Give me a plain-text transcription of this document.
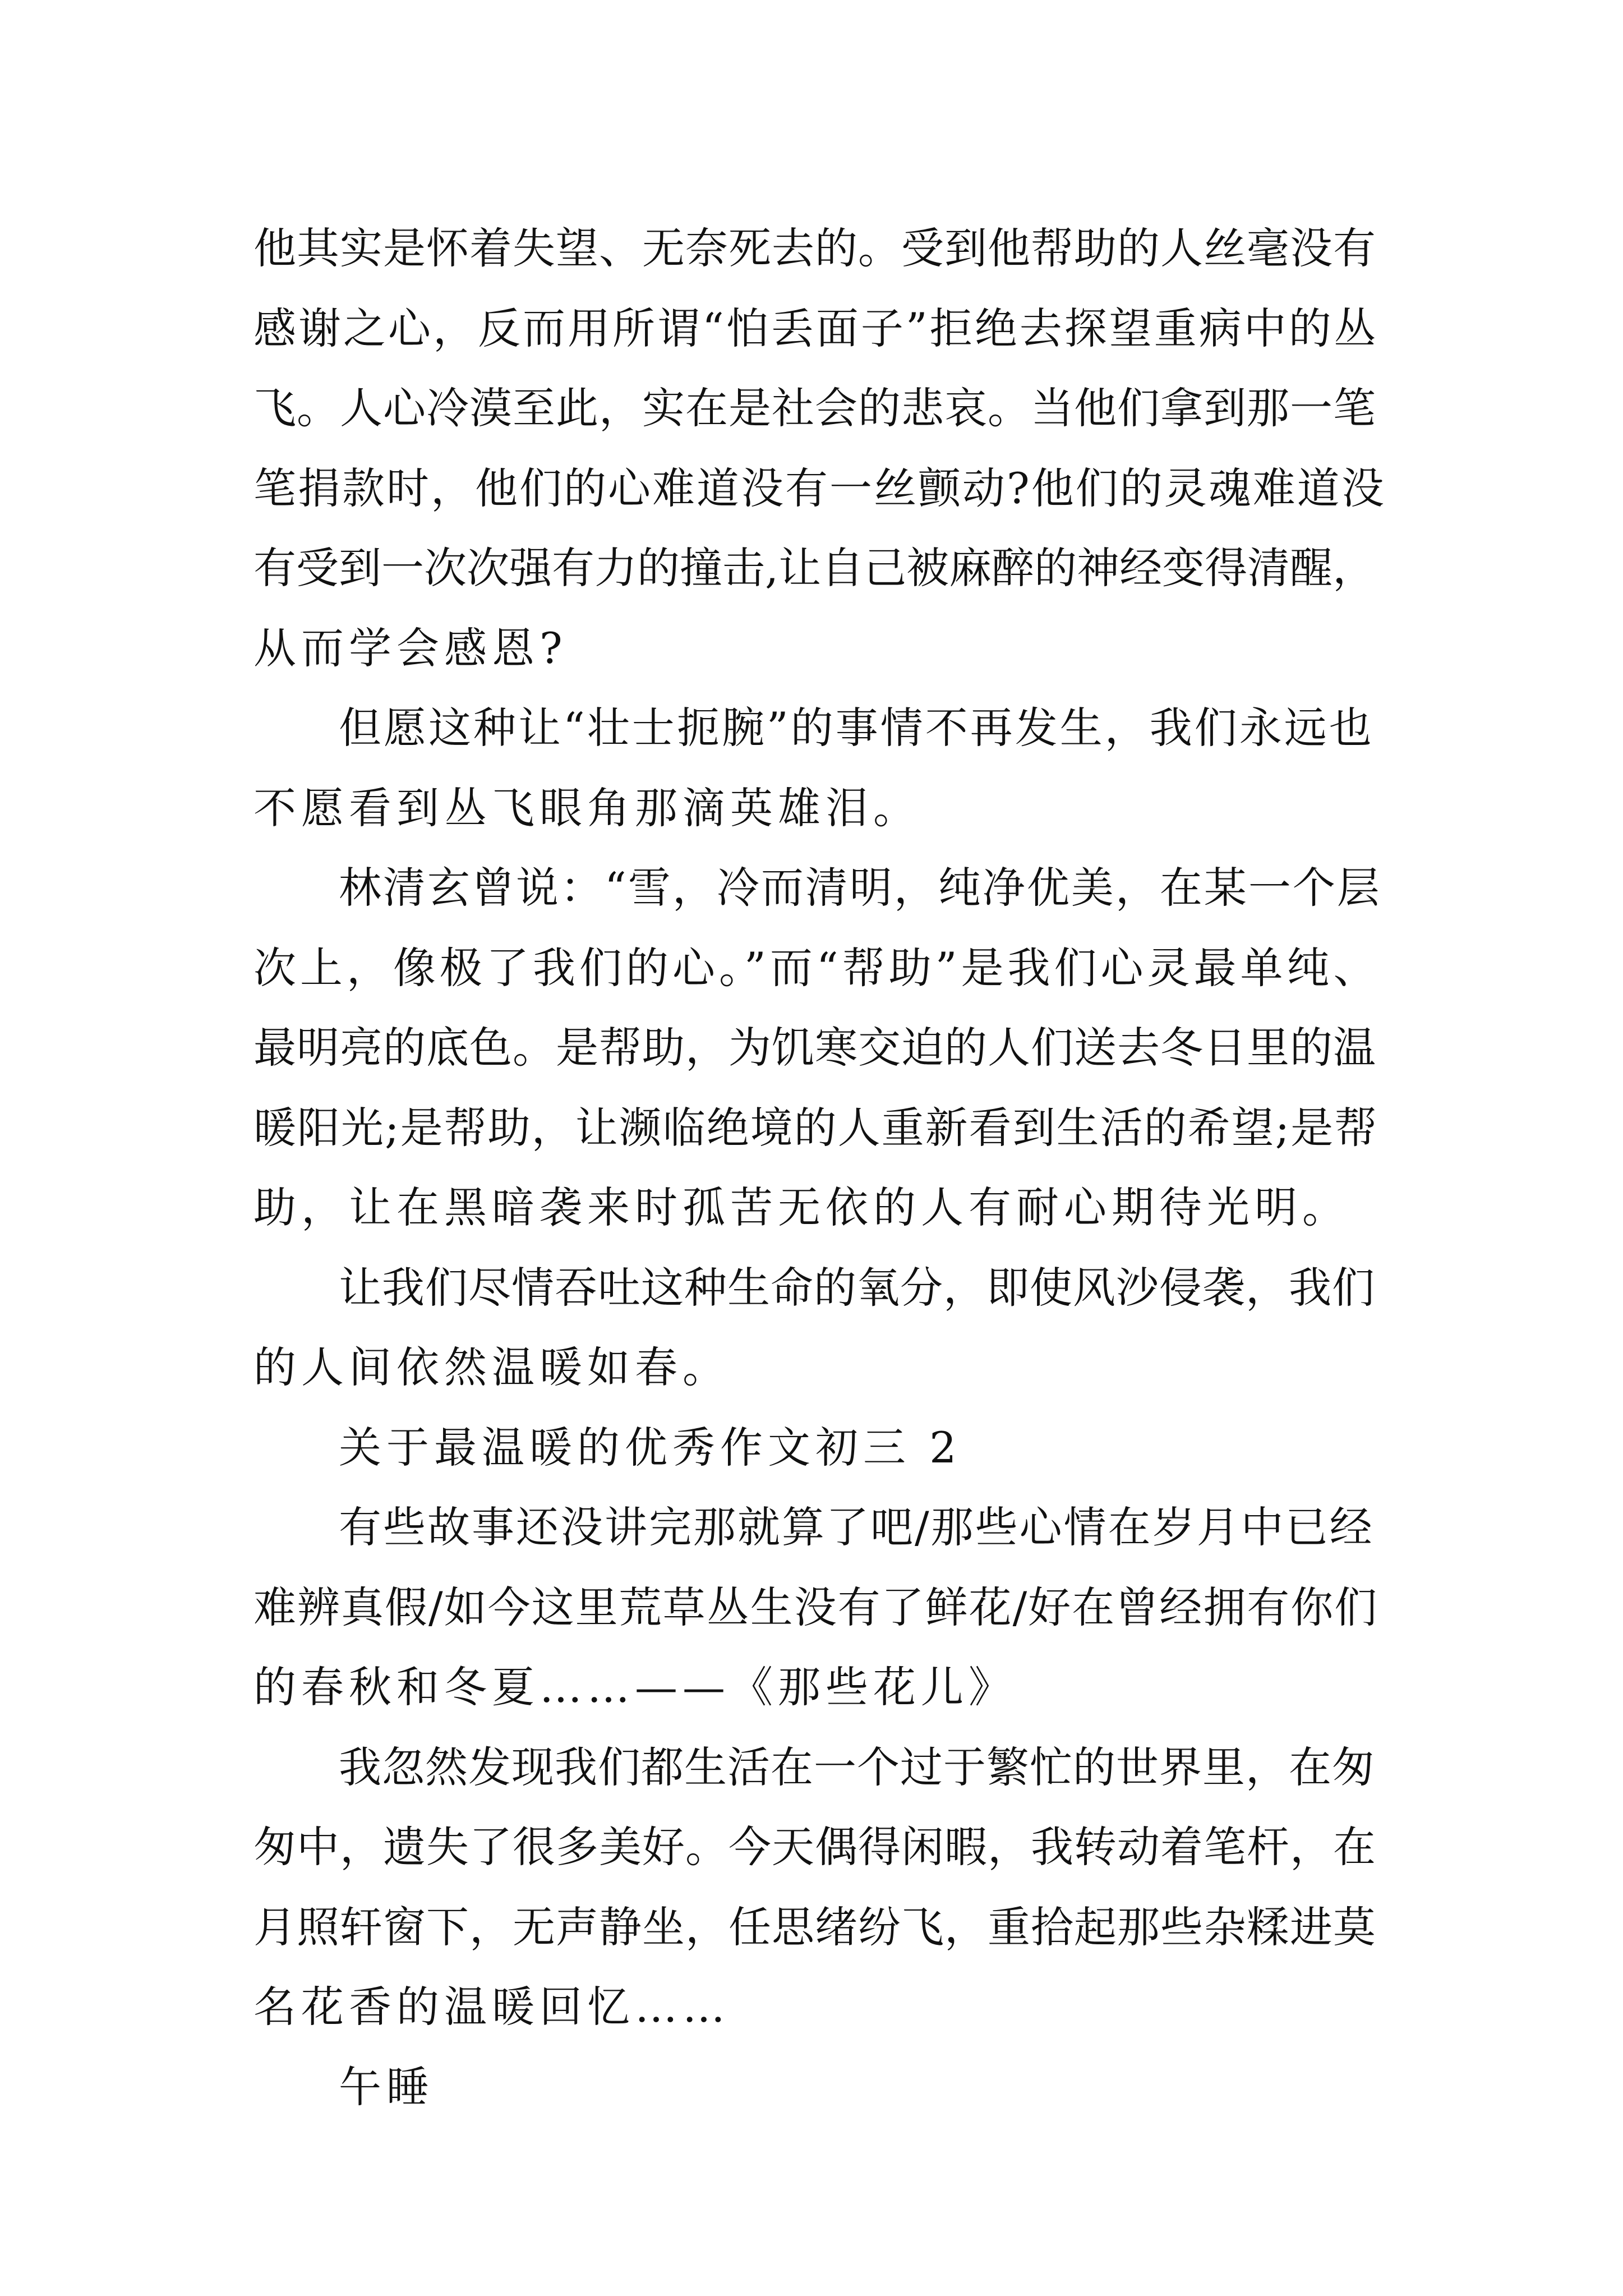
他其实是怀着失望、无奈死去的。受到他帮助的人丝毫没有
感谢之心，反而用所谓“怕丢面子”拒绝去探望重病中的丛
飞。人心冷漠至此，实在是社会的悲哀。当他们拿到那一笔
笔捐款时，他们的心难道没有一丝颤动?他们的灵魂难道没
有受到一次次强有力的撞击,让自己被麻醉的神经变得清醒，
从而学会感恩?
但愿这种让“壮士扼腕”的事情不再发生，我们永远也
不愿看到丛飞眼角那滴英雄泪。
林清玄曾说：“雪，冷而清明，纯净优美，在某一个层
次上，像极了我们的心。”而“帮助”是我们心灵最单纯、
最明亮的底色。是帮助，为饥寒交迫的人们送去冬日里的温
暖阳光;是帮助，让濒临绝境的人重新看到生活的希望;是帮
助，让在黑暗袭来时孤苦无依的人有耐心期待光明。
让我们尽情吞吐这种生命的氧分，即使风沙侵袭，我们
的人间依然温暖如春。
关于最温暖的优秀作文初三 2
有些故事还没讲完那就算了吧/那些心情在岁月中已经
难辨真假/如今这里荒草丛生没有了鲜花/好在曾经拥有你们
的春秋和冬夏……——《那些花儿》
我忽然发现我们都生活在一个过于繁忙的世界里，在匆
匆中，遗失了很多美好。今天偶得闲暇，我转动着笔杆，在
月照轩窗下，无声静坐，任思绪纷飞，重拾起那些杂糅进莫
名花香的温暖回忆……
午睡
